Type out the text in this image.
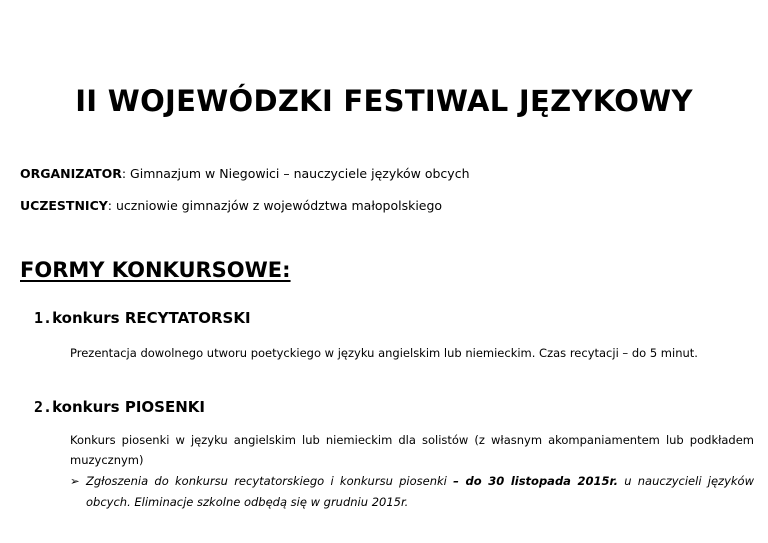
II WOJEWÓDZKI FESTIWAL JĘZYKOWY

ORGANIZATOR: Gimnazjum w Niegowici – nauczyciele języków obcych

UCZESTNICY: uczniowie gimnazjów z województwa małopolskiego

FORMY KONKURSOWE:
1.konkurs RECYTATORSKI

Prezentacja dowolnego utworu poetyckiego w języku angielskim lub niemieckim. Czas recytacji – do 5 minut.

2.konkurs PIOSENKI

Konkurs piosenki w języku angielskim lub niemieckim dla solistów (z własnym akompaniamentem lub podkładem muzycznym)

➢ Zgłoszenia do konkursu recytatorskiego i konkursu piosenki – do 30 listopada 2015r. u nauczycieli języków
obcych. Eliminacje szkolne odbędą się w grudniu 2015r.
